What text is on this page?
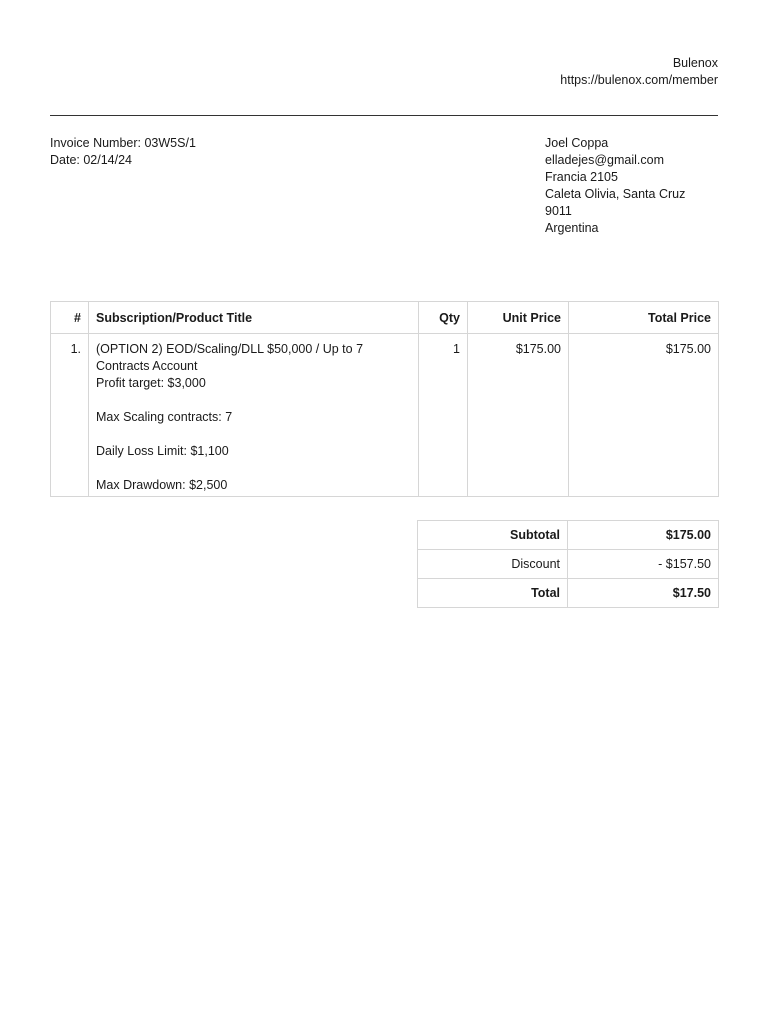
Bulenox
https://bulenox.com/member
Invoice Number: 03W5S/1
Date: 02/14/24
Joel Coppa
elladejes@gmail.com
Francia 2105
Caleta Olivia, Santa Cruz
9011
Argentina
#	Subscription/Product Title	Qty	Unit Price	Total Price
1.	(OPTION 2) EOD/Scaling/DLL $50,000 / Up to 7 Contracts Account
Profit target: $3,000
Max Scaling contracts: 7
Daily Loss Limit: $1,100
Max Drawdown: $2,500	1	$175.00	$175.00
Subtotal	$175.00
Discount	- $157.50
Total	$17.50
